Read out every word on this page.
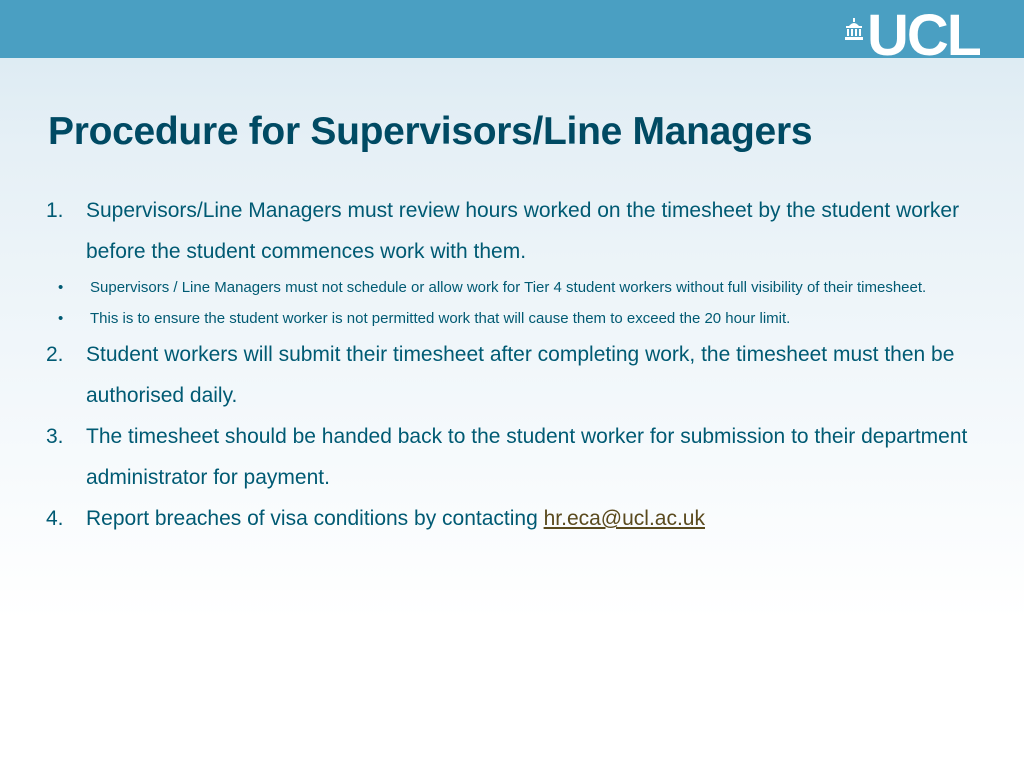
UCL
Procedure for Supervisors/Line Managers
1. Supervisors/Line Managers must review hours worked on the timesheet by the student worker before the student commences work with them.
• Supervisors / Line Managers must not schedule or allow work for Tier 4 student workers without full visibility of their timesheet.
• This is to ensure the student worker is not permitted work that will cause them to exceed the 20 hour limit.
2. Student workers will submit their timesheet after completing work, the timesheet must then be authorised daily.
3. The timesheet should be handed back to the student worker for submission to their department administrator for payment.
4. Report breaches of visa conditions by contacting hr.eca@ucl.ac.uk
